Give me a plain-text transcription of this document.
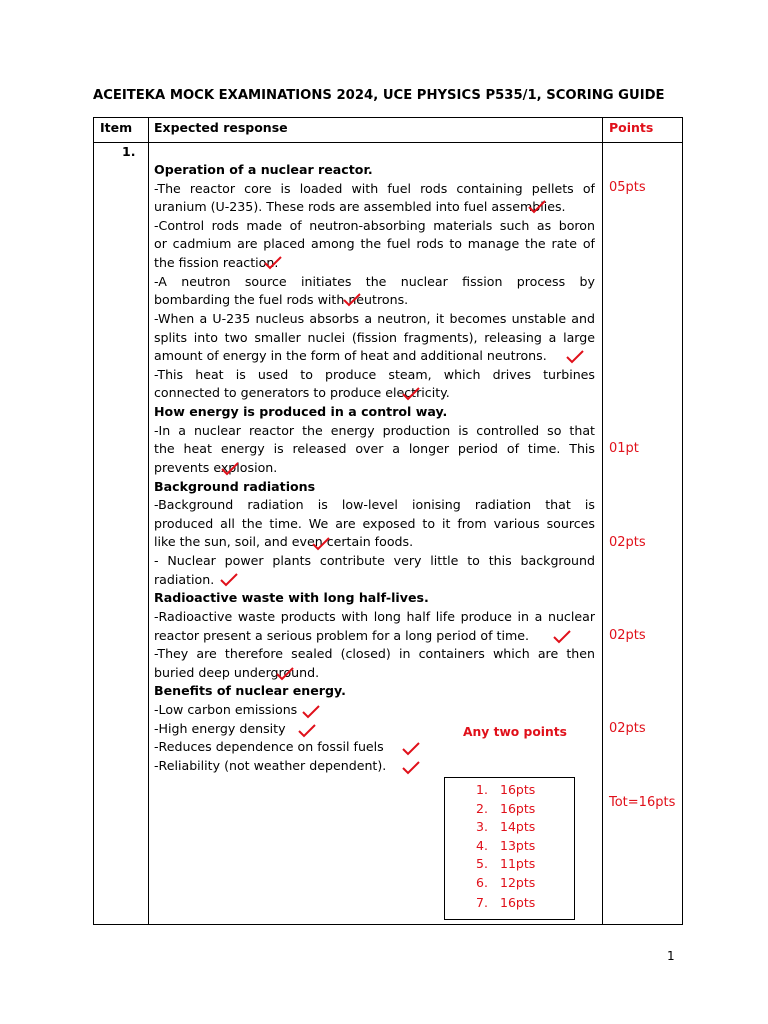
ACEITEKA MOCK EXAMINATIONS 2024, UCE PHYSICS P535/1, SCORING GUIDE
Item Expected response	Points
1.
Operation of a nuclear reactor.
-The reactor core is loaded with fuel rods containing pellets of
uranium (U-235). These rods are assembled into fuel assemblies.
-Control rods made of neutron-absorbing materials such as boron
or cadmium are placed among the fuel rods to manage the rate of
the fission reaction.
-A neutron source initiates the nuclear fission process by
bombarding the fuel rods with neutrons.
-When a U-235 nucleus absorbs a neutron, it becomes unstable and
splits into two smaller nuclei (fission fragments), releasing a large
amount of energy in the form of heat and additional neutrons.
-This heat is used to produce steam, which drives turbines
connected to generators to produce electricity.
How energy is produced in a control way.
-In a nuclear reactor the energy production is controlled so that
the heat energy is released over a longer period of time. This
prevents explosion.
Background radiations
-Background radiation is low-level ionising radiation that is
produced all the time. We are exposed to it from various sources
like the sun, soil, and even certain foods.
- Nuclear power plants contribute very little to this background
radiation.
Radioactive waste with long half-lives.
-Radioactive waste products with long half life produce in a nuclear
reactor present a serious problem for a long period of time.
-They are therefore sealed (closed) in containers which are then
buried deep underground.
Benefits of nuclear energy.
-Low carbon emissions
-High energy density
-Reduces dependence on fossil fuels
-Reliability (not weather dependent).
05pts
01pt
02pts
02pts
02pts
Tot=16pts
Any two points
1. 16pts
2. 16pts
3. 14pts
4. 13pts
5. 11pts
6. 12pts
7. 16pts
1
